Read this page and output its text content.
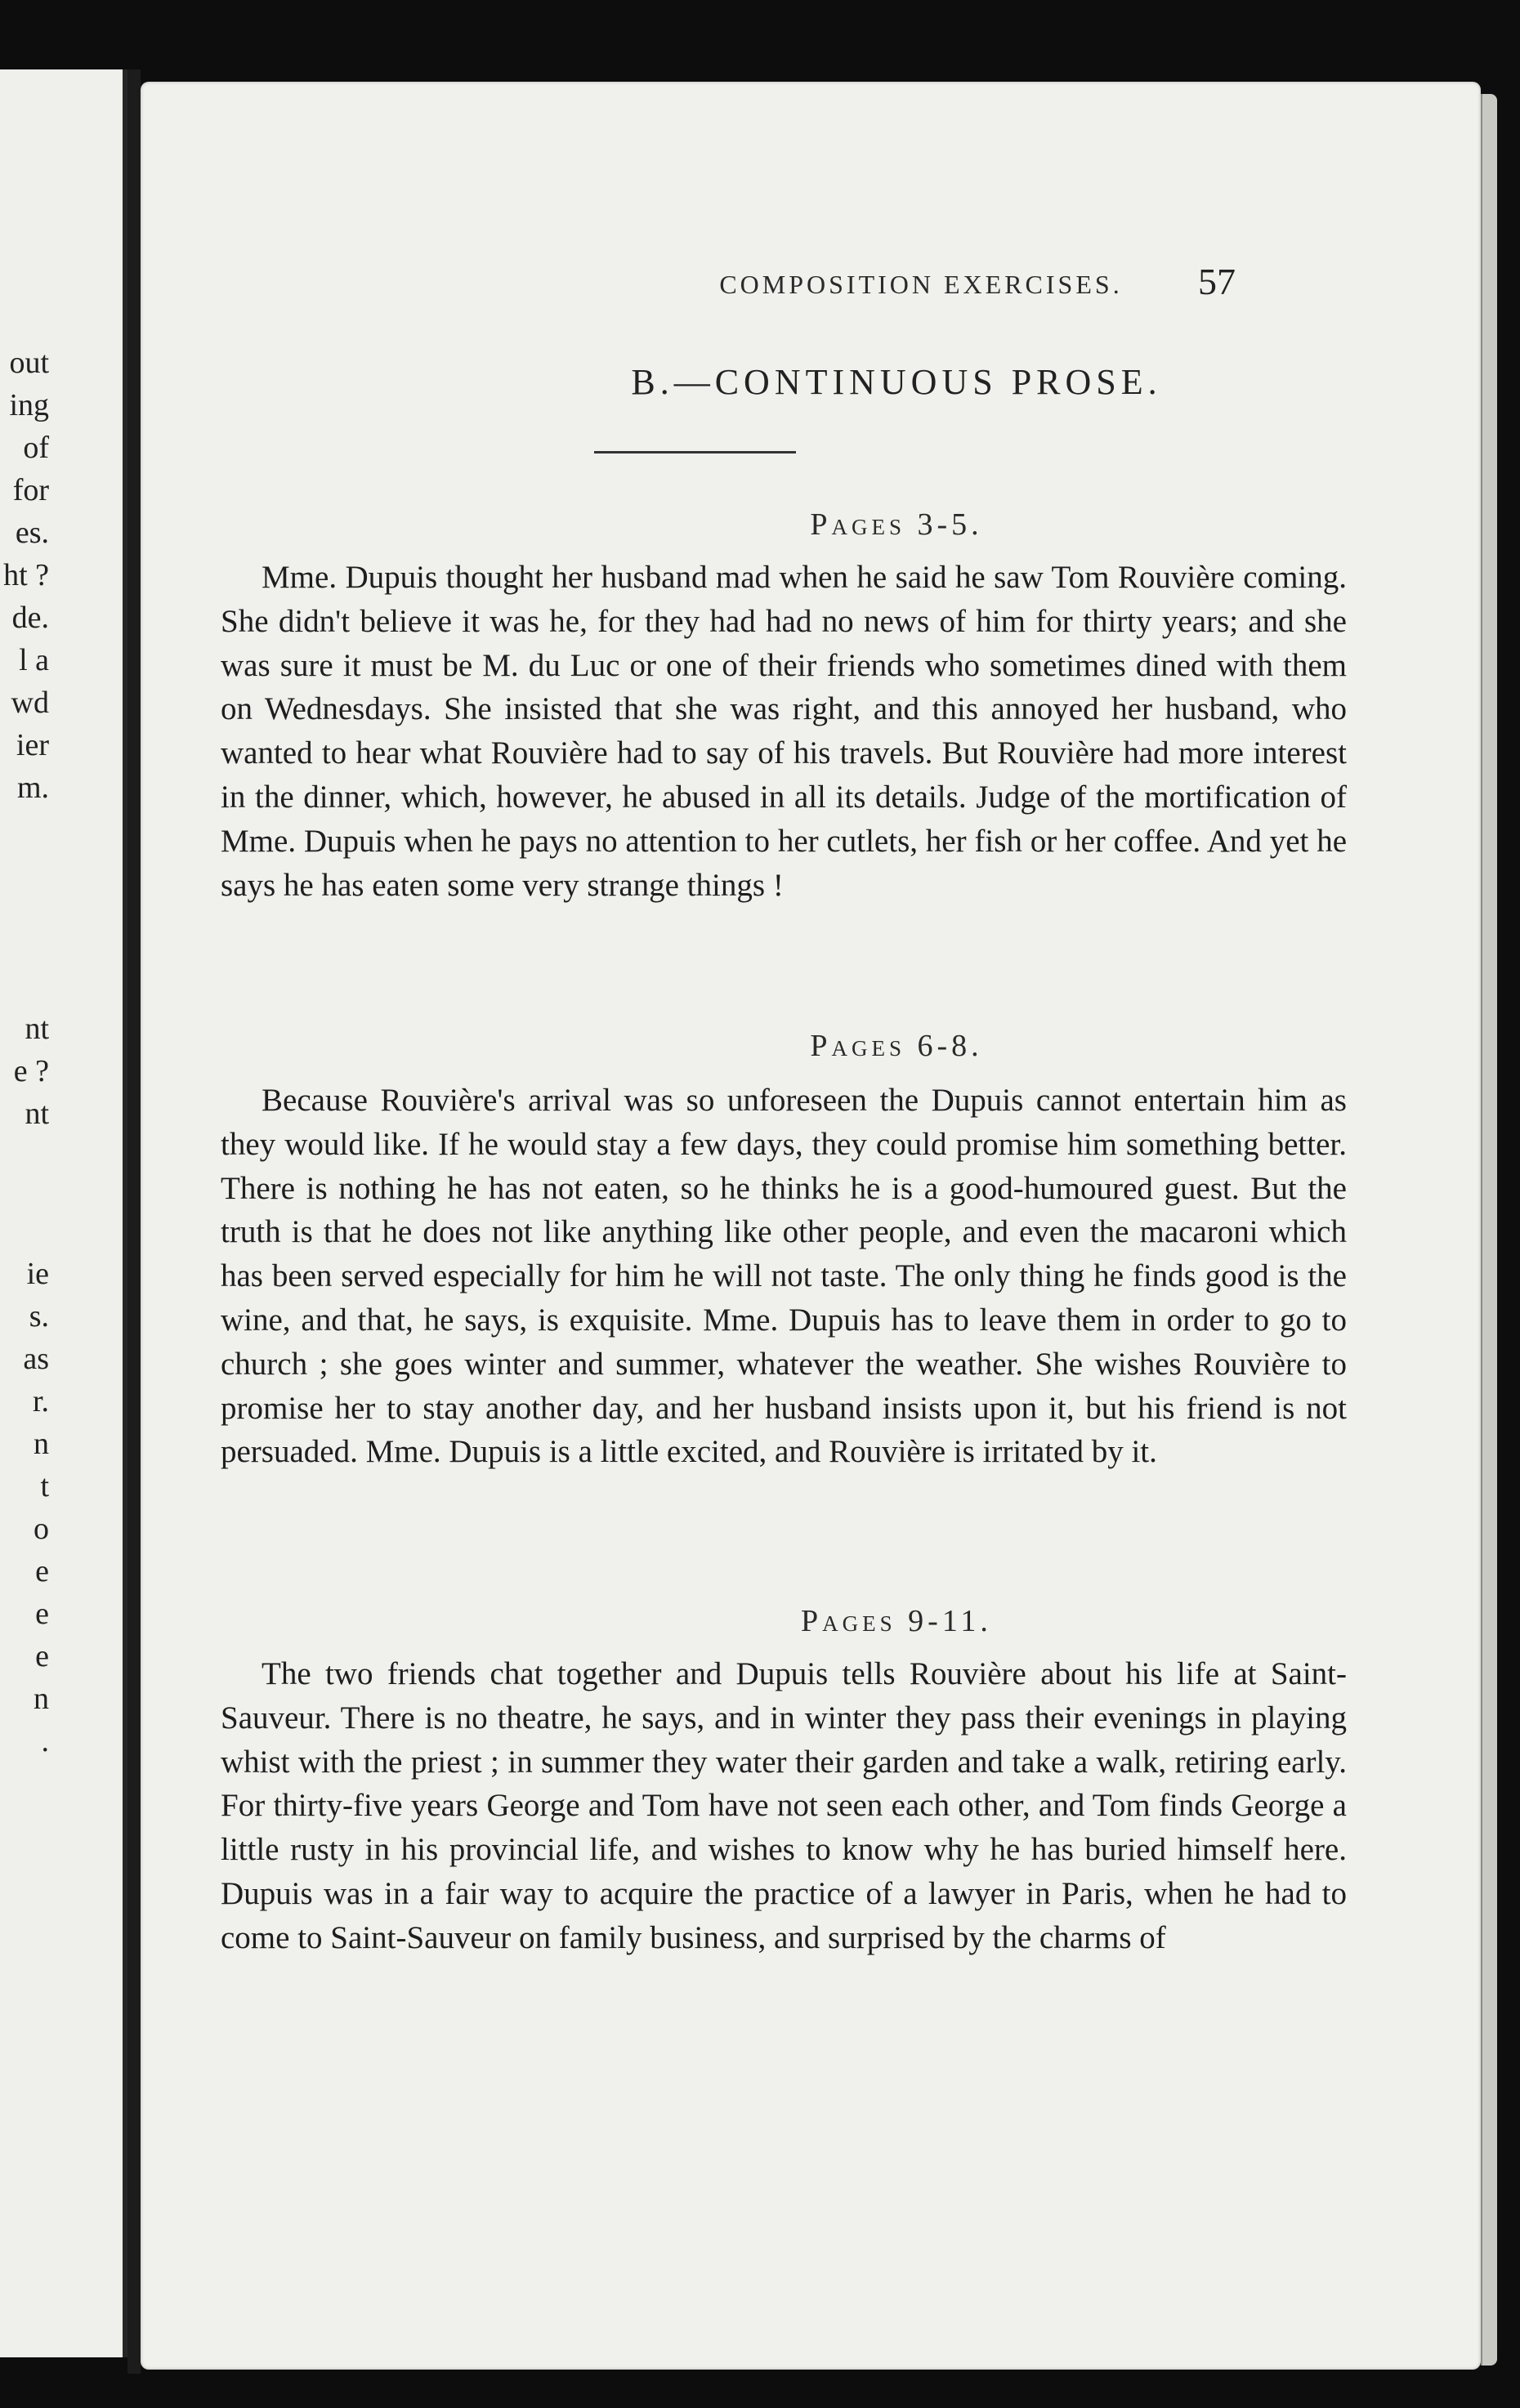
out
ing
of
for
es.
ht ?
de.
l a
wd
ier
m.
nt
e ?
nt
ie
s.
as
r.
n
t
o
e
e
e
n
.
COMPOSITION EXERCISES.	57
B.—CONTINUOUS PROSE.
Pages 3-5.

Mme. Dupuis thought her husband mad when he said he saw Tom Rouvière coming. She didn't believe it was he, for they had had no news of him for thirty years; and she was sure it must be M. du Luc or one of their friends who sometimes dined with them on Wednesdays. She insisted that she was right, and this annoyed her husband, who wanted to hear what Rouvière had to say of his travels. But Rouvière had more interest in the dinner, which, however, he abused in all its details. Judge of the mortification of Mme. Dupuis when he pays no attention to her cutlets, her fish or her coffee. And yet he says he has eaten some very strange things !

Pages 6-8.

Because Rouvière's arrival was so unforeseen the Dupuis cannot entertain him as they would like. If he would stay a few days, they could promise him something better. There is nothing he has not eaten, so he thinks he is a good-humoured guest. But the truth is that he does not like anything like other people, and even the macaroni which has been served especially for him he will not taste. The only thing he finds good is the wine, and that, he says, is exquisite. Mme. Dupuis has to leave them in order to go to church ; she goes winter and summer, whatever the weather. She wishes Rouvière to promise her to stay another day, and her husband insists upon it, but his friend is not persuaded. Mme. Dupuis is a little excited, and Rouvière is irritated by it.

Pages 9-11.

The two friends chat together and Dupuis tells Rouvière about his life at Saint-Sauveur. There is no theatre, he says, and in winter they pass their evenings in playing whist with the priest ; in summer they water their garden and take a walk, retiring early. For thirty-five years George and Tom have not seen each other, and Tom finds George a little rusty in his provincial life, and wishes to know why he has buried himself here. Dupuis was in a fair way to acquire the practice of a lawyer in Paris, when he had to come to Saint-Sauveur on family business, and surprised by the charms of
